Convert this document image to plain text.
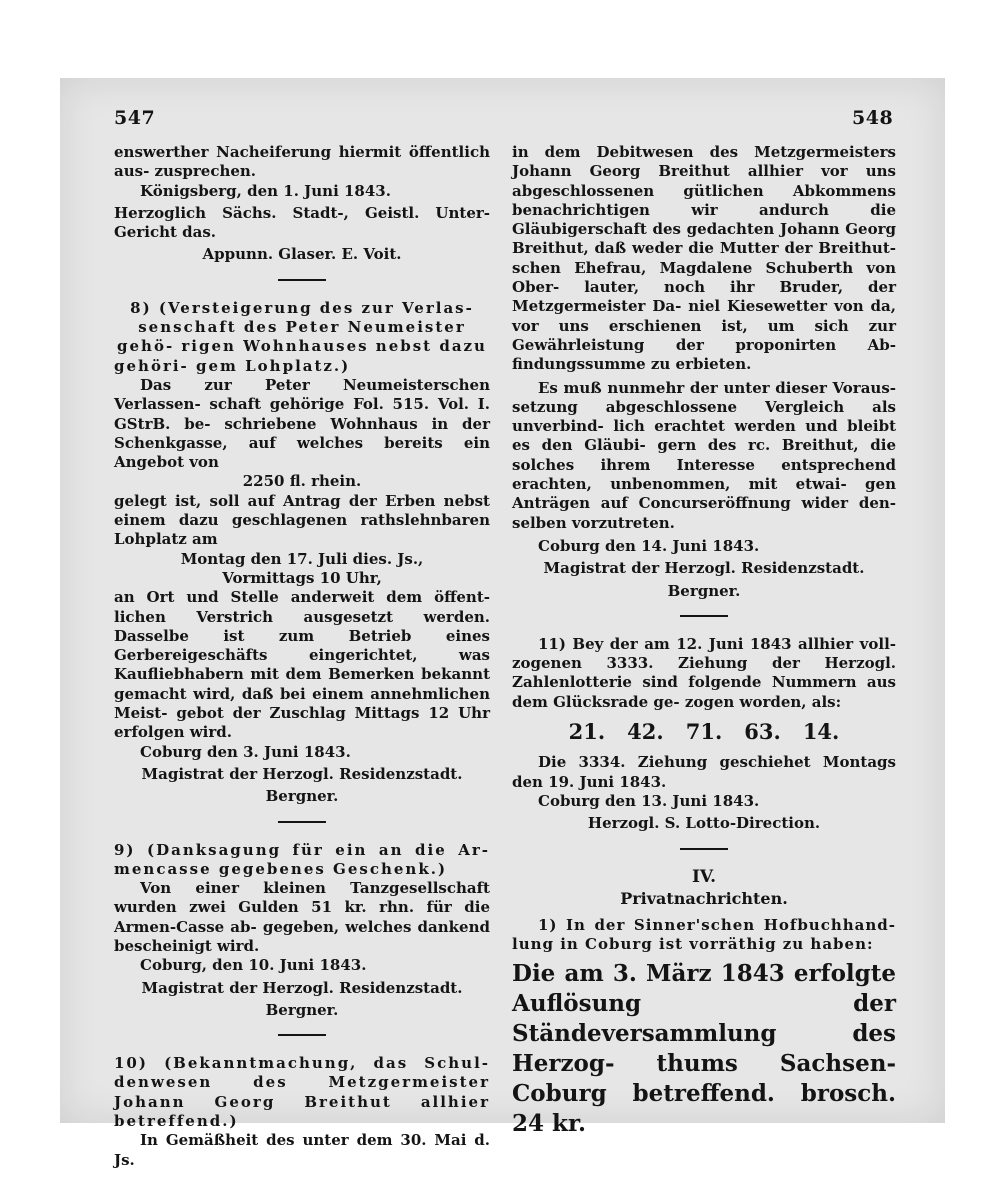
547	548

enswerther Nacheiferung hiermit öffentlich aus- zusprechen.

Königsberg, den 1. Juni 1843.

Herzoglich Sächs. Stadt-, Geistl. Unter-Gericht das.

Appunn. Glaser. E. Voit.

8) (Versteigerung des zur Verlas- senschaft des Peter Neumeister gehö- rigen Wohnhauses nebst dazu gehöri- gem Lohplatz.)

Das zur Peter Neumeisterschen Verlassen- schaft gehörige Fol. 515. Vol. I. GStrB. be- schriebene Wohnhaus in der Schenkgasse, auf welches bereits ein Angebot von

2250 fl. rhein.

gelegt ist, soll auf Antrag der Erben nebst einem dazu geschlagenen rathslehnbaren Lohplatz am

Montag den 17. Juli dies. Js.,

Vormittags 10 Uhr,

an Ort und Stelle anderweit dem öffent- lichen Verstrich ausgesetzt werden. Dasselbe ist zum Betrieb eines Gerbereigeschäfts eingerichtet, was Kaufliebhabern mit dem Bemerken bekannt gemacht wird, daß bei einem annehmlichen Meist- gebot der Zuschlag Mittags 12 Uhr erfolgen wird.

Coburg den 3. Juni 1843.

Magistrat der Herzogl. Residenzstadt.

Bergner.

9) (Danksagung für ein an die Ar- mencasse gegebenes Geschenk.)

Von einer kleinen Tanzgesellschaft wurden zwei Gulden 51 kr. rhn. für die Armen-Casse ab- gegeben, welches dankend bescheinigt wird.

Coburg, den 10. Juni 1843.

Magistrat der Herzogl. Residenzstadt.

Bergner.

10) (Bekanntmachung, das Schul- denwesen des Metzgermeister Johann Georg Breithut allhier betreffend.)

In Gemäßheit des unter dem 30. Mai d. Js.

in dem Debitwesen des Metzgermeisters Johann Georg Breithut allhier vor uns abgeschlossenen gütlichen Abkommens benachrichtigen wir andurch die Gläubigerschaft des gedachten Johann Georg Breithut, daß weder die Mutter der Breithut- schen Ehefrau, Magdalene Schuberth von Ober- lauter, noch ihr Bruder, der Metzgermeister Da- niel Kiesewetter von da, vor uns erschienen ist, um sich zur Gewährleistung der proponirten Ab- findungssumme zu erbieten.

Es muß nunmehr der unter dieser Voraus- setzung abgeschlossene Vergleich als unverbind- lich erachtet werden und bleibt es den Gläubi- gern des rc. Breithut, die solches ihrem Interesse entsprechend erachten, unbenommen, mit etwai- gen Anträgen auf Concurseröffnung wider den- selben vorzutreten.

Coburg den 14. Juni 1843.

Magistrat der Herzogl. Residenzstadt.

Bergner.

11) Bey der am 12. Juni 1843 allhier voll- zogenen 3333. Ziehung der Herzogl. Zahlenlotterie sind folgende Nummern aus dem Glücksrade ge- zogen worden, als:

21. 42. 71. 63. 14.

Die 3334. Ziehung geschiehet Montags den 19. Juni 1843.

Coburg den 13. Juni 1843.

Herzogl. S. Lotto-Direction.

IV.

Privatnachrichten.

1) In der Sinner'schen Hofbuchhand- lung in Coburg ist vorräthig zu haben:

Die am 3. März 1843 erfolgte Auflösung der Ständeversammlung des Herzog- thums Sachsen-Coburg betreffend. brosch. 24 kr.
